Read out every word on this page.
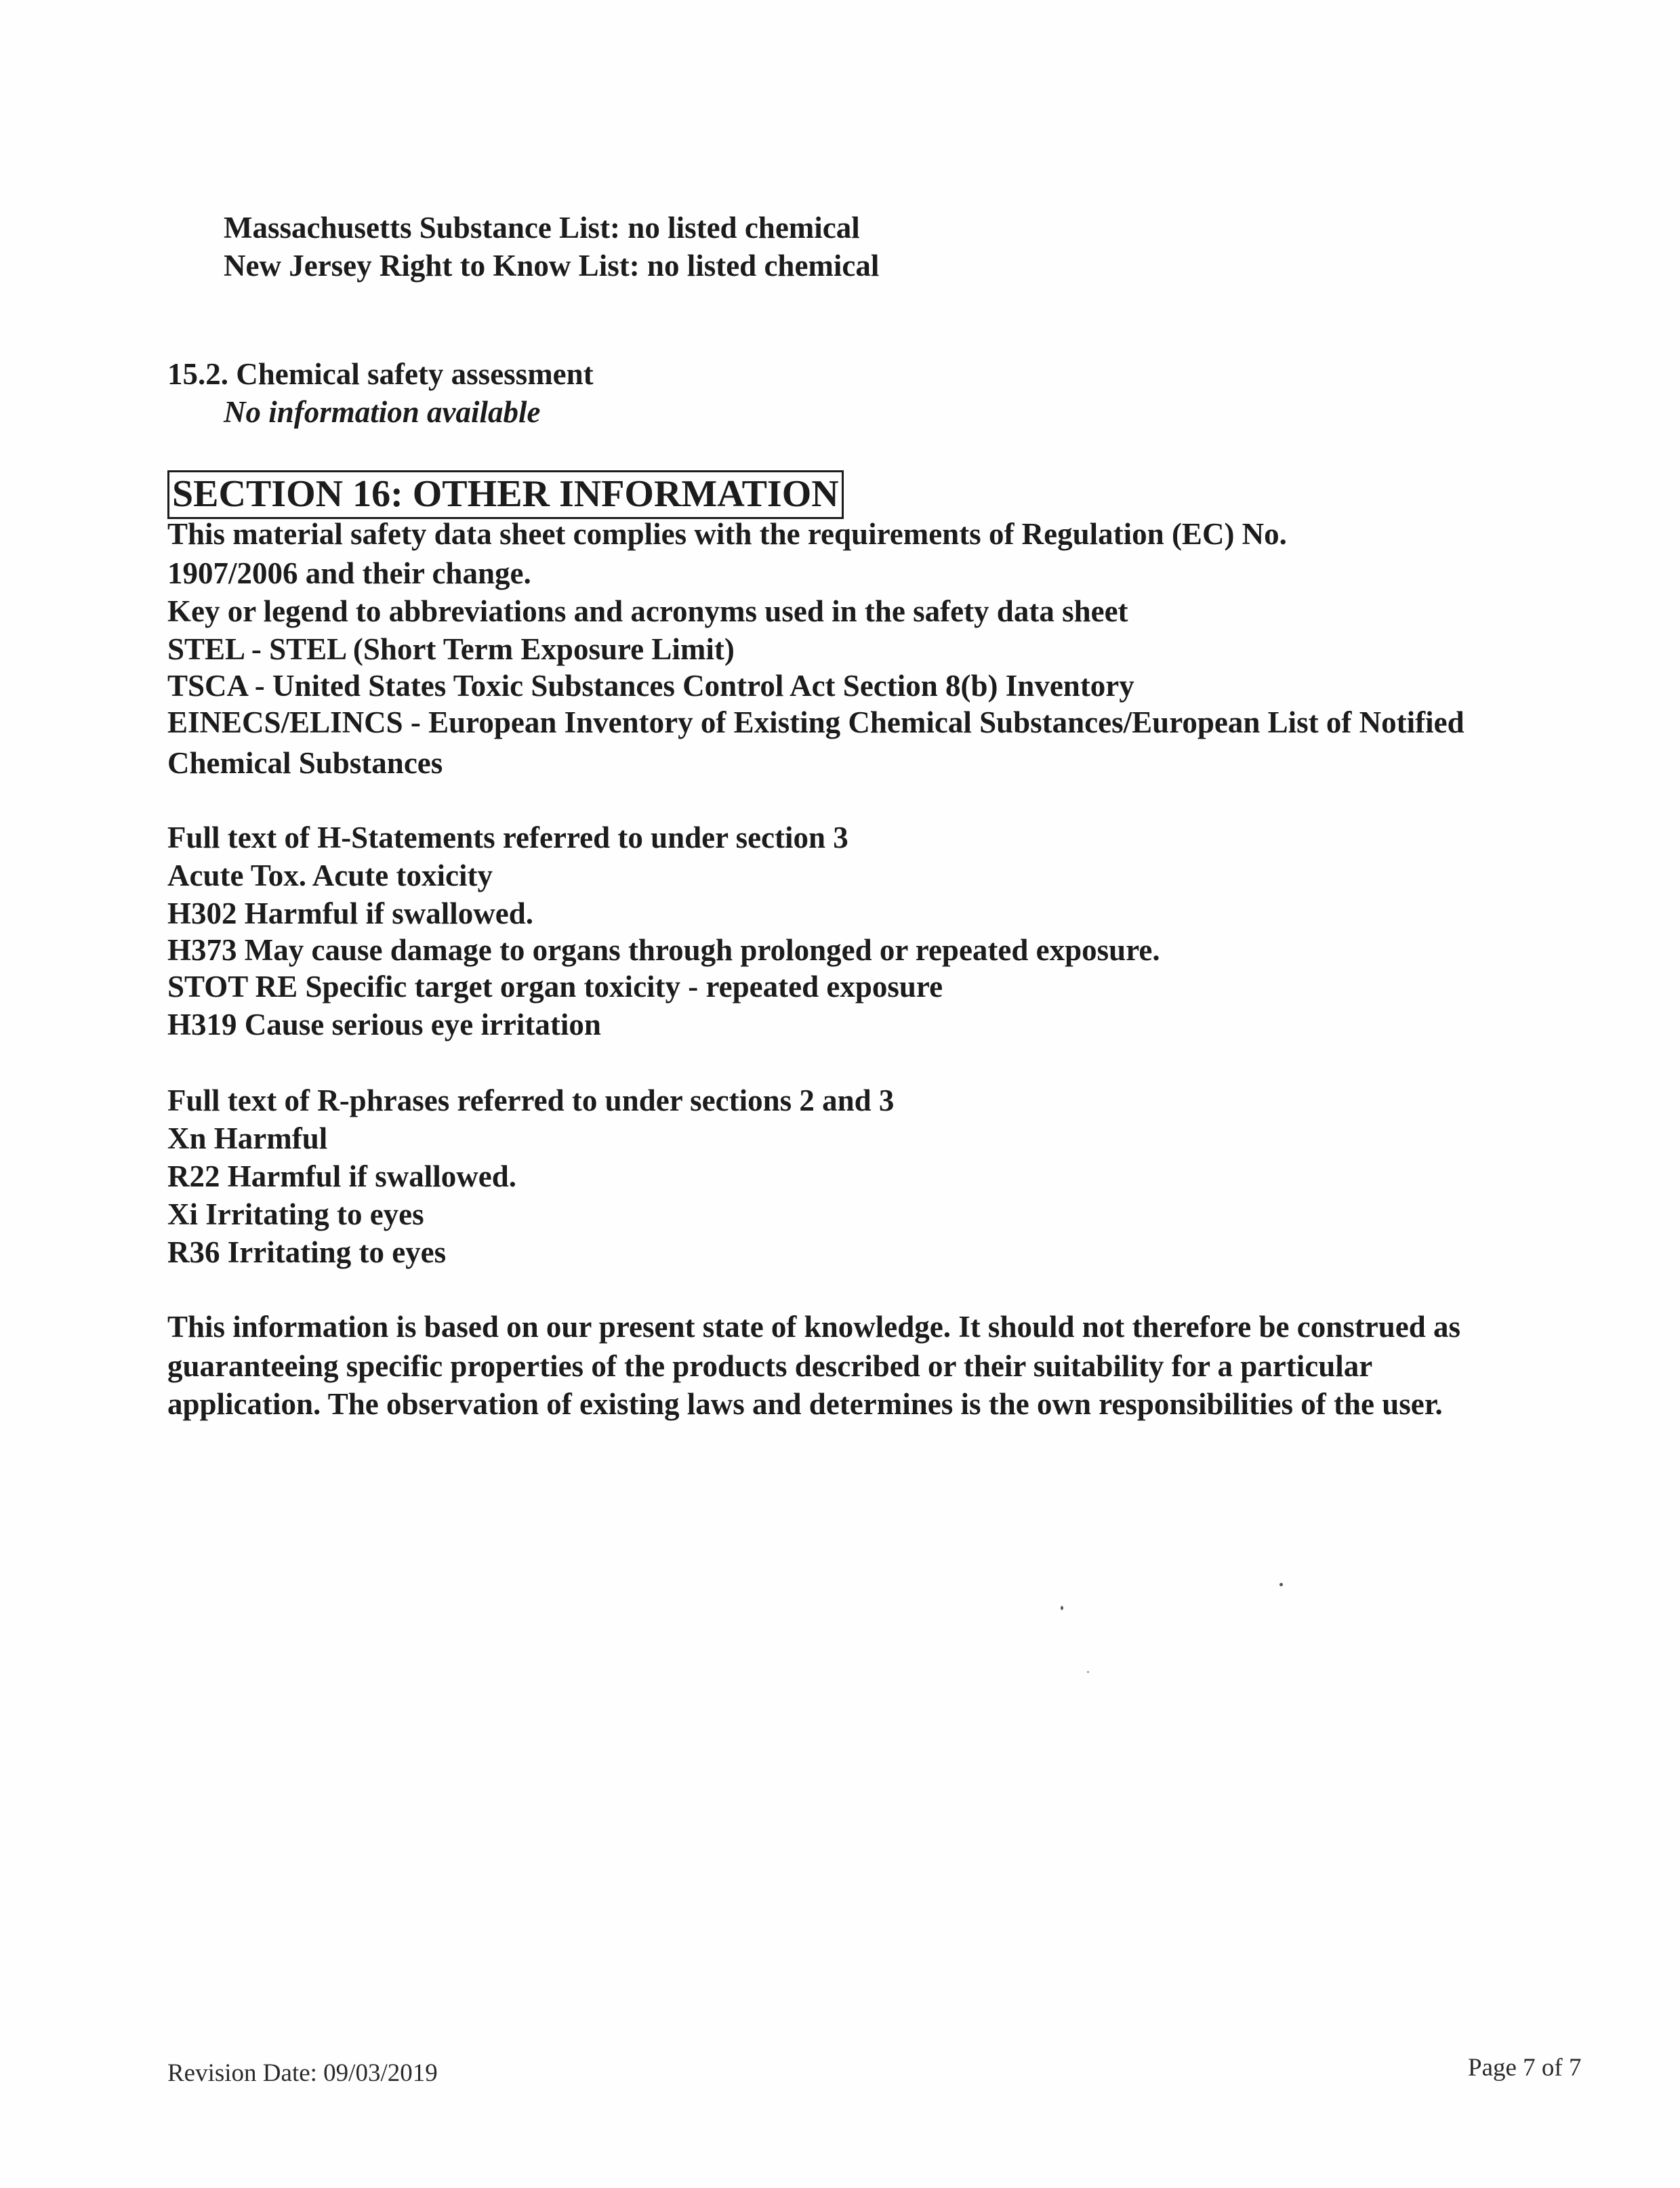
Massachusetts Substance List: no listed chemical
New Jersey Right to Know List: no listed chemical
15.2. Chemical safety assessment
No information available
SECTION 16: OTHER INFORMATION
This material safety data sheet complies with the requirements of Regulation (EC) No.
1907/2006 and their change.
Key or legend to abbreviations and acronyms used in the safety data sheet
STEL - STEL (Short Term Exposure Limit)
TSCA - United States Toxic Substances Control Act Section 8(b) Inventory
EINECS/ELINCS - European Inventory of Existing Chemical Substances/European List of Notified
Chemical Substances
Full text of H-Statements referred to under section 3
Acute Tox. Acute toxicity
H302 Harmful if swallowed.
H373 May cause damage to organs through prolonged or repeated exposure.
STOT RE Specific target organ toxicity - repeated exposure
H319 Cause serious eye irritation
Full text of R-phrases referred to under sections 2 and 3
Xn Harmful
R22 Harmful if swallowed.
Xi Irritating to eyes
R36 Irritating to eyes
This information is based on our present state of knowledge. It should not therefore be construed as
guaranteeing specific properties of the products described or their suitability for a particular
application. The observation of existing laws and determines is the own responsibilities of the user.
Revision Date: 09/03/2019	Page 7 of 7
